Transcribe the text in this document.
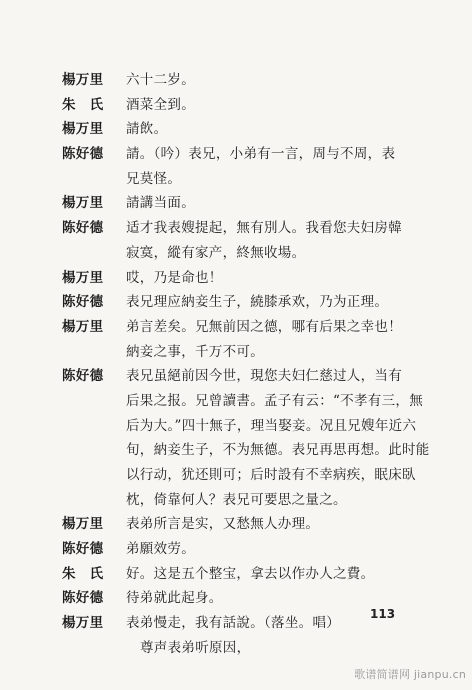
楊万里	六十二岁。
朱　氏	酒菜全到。
楊万里	請飲。
陈好德	請。（吟）表兄，小弟有一言，周与不周，表
兄莫怪。
楊万里	請講当面。
陈好德	适才我表嫂提起，無有別人。我看您夫妇房韓
寂寞，縱有家产，終無收場。
楊万里	哎，乃是命也！
陈好德	表兄理应納妾生子，繞膝承欢，乃为正理。
楊万里	弟言差矣。兄無前因之德，哪有后果之幸也！
納妾之事，千万不可。
陈好德	表兄虽絕前因今世，現您夫妇仁慈过人，当有
后果之报。兄曾讀書。孟子有云：“不孝有三，無
后为大。”四十無子，理当娶妾。况且兄嫂年近六
旬，納妾生子，不为無德。表兄再思再想。此时能
以行动，犹还則可；后时設有不幸病疾，眠床臥
枕，倚靠何人？表兄可要思之量之。
楊万里	表弟所言是实，又愁無人办理。
陈好德	弟願效劳。
朱　氏	好。这是五个整宝，拿去以作办人之費。
陈好德	待弟就此起身。
楊万里	表弟慢走，我有話說。（落坐。唱）
尊声表弟听原因，
113
歌谱简谱网 jianpu.cn
